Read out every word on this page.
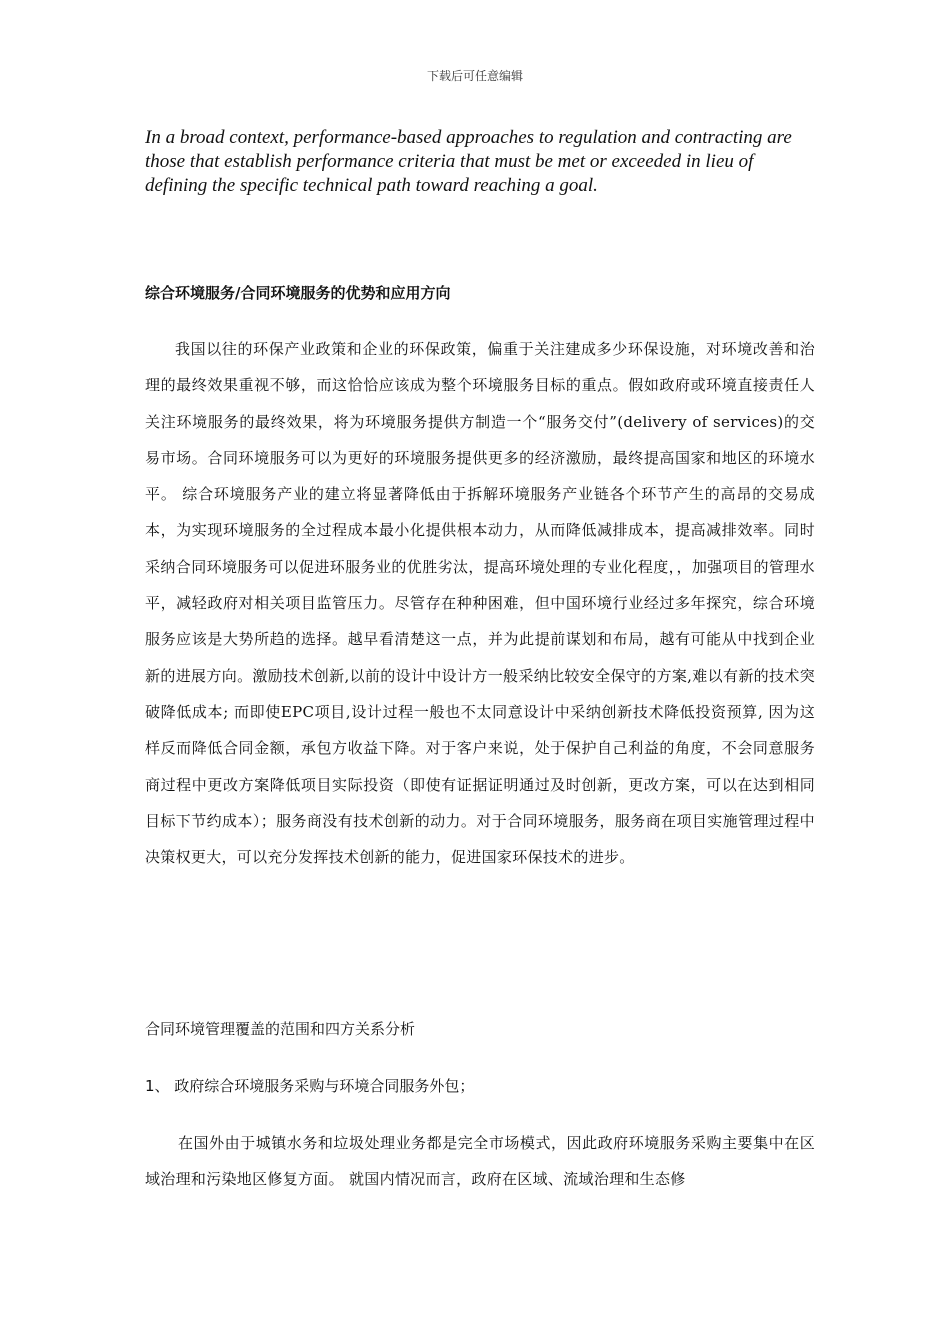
下载后可任意编辑
In a broad context, performance-based approaches to regulation and contracting are those that establish performance criteria that must be met or exceeded in lieu of defining the specific technical path toward reaching a goal.
综合环境服务/合同环境服务的优势和应用方向
我国以往的环保产业政策和企业的环保政策，偏重于关注建成多少环保设施，对环境改善和治理的最终效果重视不够，而这恰恰应该成为整个环境服务目标的重点。假如政府或环境直接责任人关注环境服务的最终效果，将为环境服务提供方制造一个“服务交付”(delivery of services)的交易市场。合同环境服务可以为更好的环境服务提供更多的经济激励，最终提高国家和地区的环境水平。 综合环境服务产业的建立将显著降低由于拆解环境服务产业链各个环节产生的高昂的交易成本，为实现环境服务的全过程成本最小化提供根本动力，从而降低减排成本，提高减排效率。同时采纳合同环境服务可以促进环服务业的优胜劣汰，提高环境处理的专业化程度，，加强项目的管理水平，减轻政府对相关项目监管压力。尽管存在种种困难，但中国环境行业经过多年探究，综合环境服务应该是大势所趋的选择。越早看清楚这一点，并为此提前谋划和布局，越有可能从中找到企业新的进展方向。激励技术创新,以前的设计中设计方一般采纳比较安全保守的方案,难以有新的技术突破降低成本; 而即使EPC项目,设计过程一般也不太同意设计中采纳创新技术降低投资预算, 因为这样反而降低合同金额，承包方收益下降。对于客户来说，处于保护自己利益的角度，不会同意服务商过程中更改方案降低项目实际投资（即使有证据证明通过及时创新，更改方案，可以在达到相同目标下节约成本）；服务商没有技术创新的动力。对于合同环境服务，服务商在项目实施管理过程中决策权更大，可以充分发挥技术创新的能力，促进国家环保技术的进步。
合同环境管理覆盖的范围和四方关系分析
1、 政府综合环境服务采购与环境合同服务外包；
在国外由于城镇水务和垃圾处理业务都是完全市场模式，因此政府环境服务采购主要集中在区域治理和污染地区修复方面。 就国内情况而言，政府在区域、流域治理和生态修
